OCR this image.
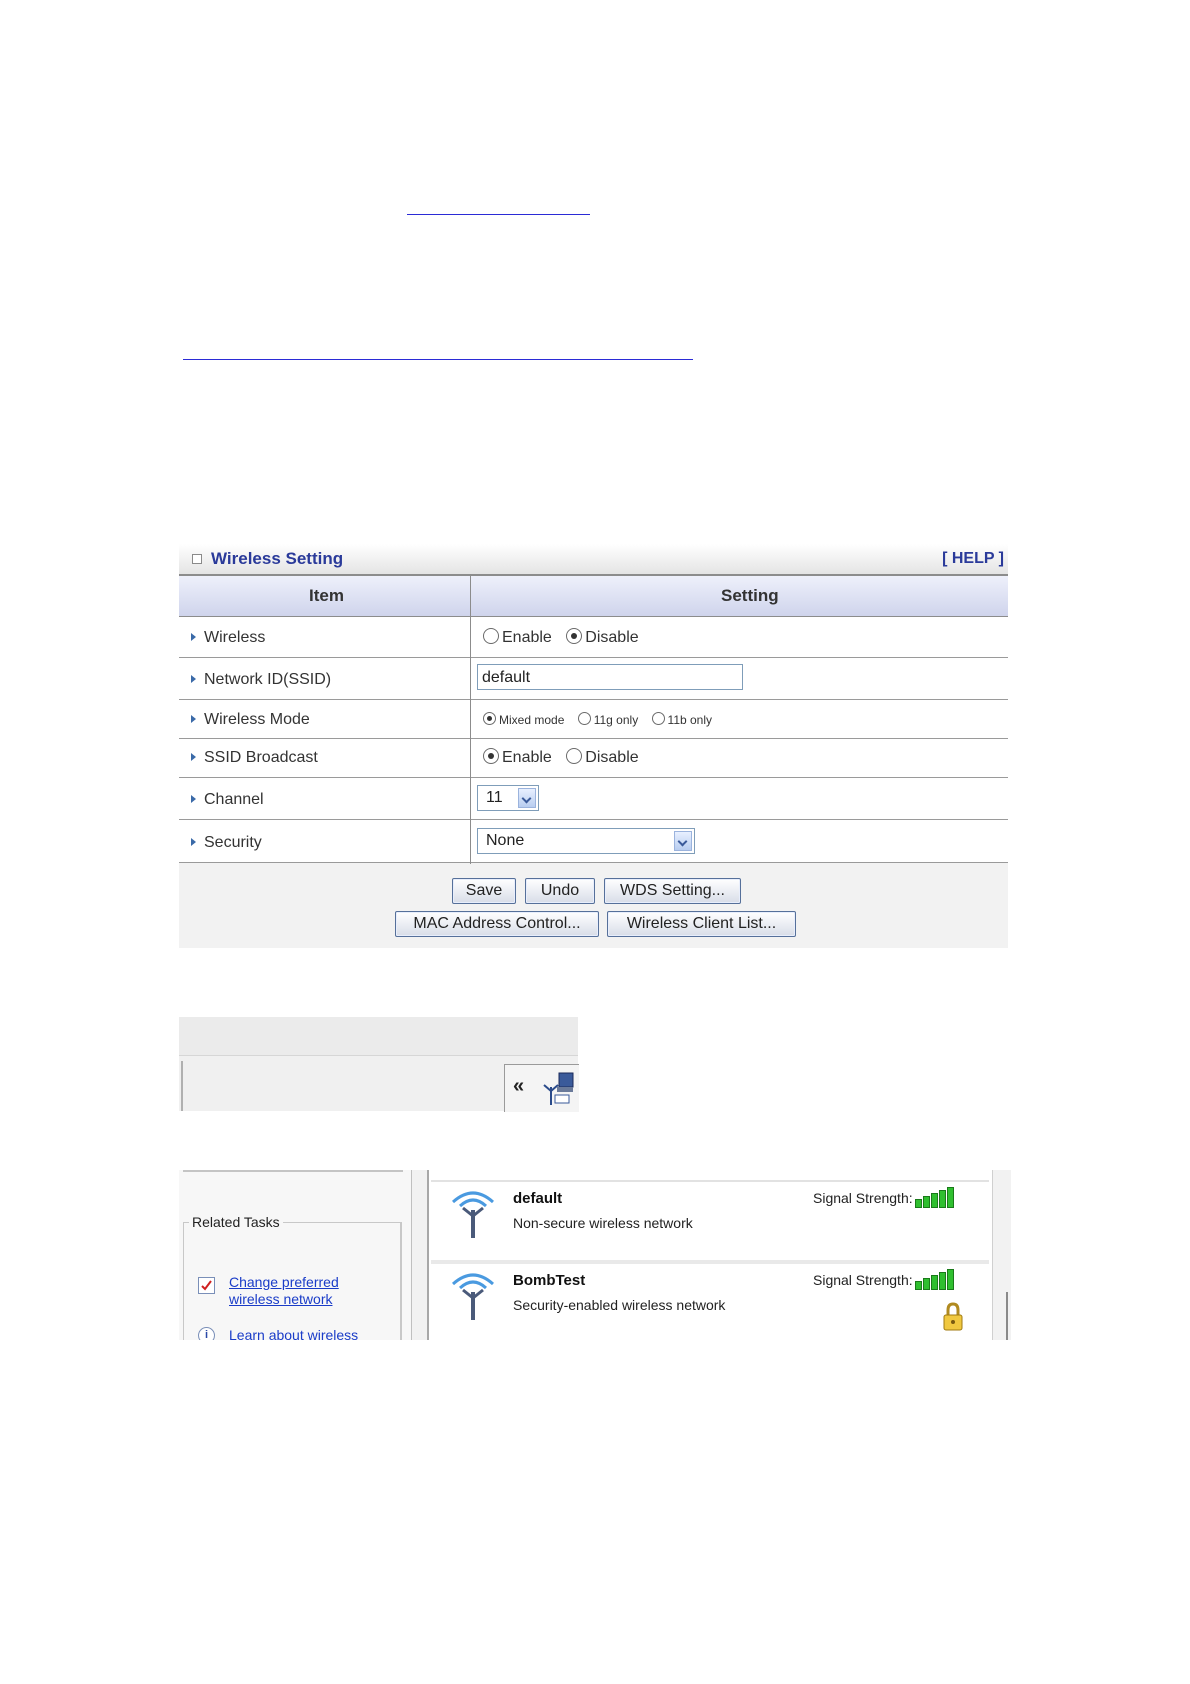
Wireless Setting	[ HELP ]
Item	Setting
Wireless	Enable Disable
Network ID(SSID)	default
Wireless Mode	Mixed mode 11g only 11b only
SSID Broadcast	Enable Disable
Channel	11
Security	None
Save	Undo	WDS Setting...
MAC Address Control...	Wireless Client List...
«
Related Tasks
Change preferred
wireless network
i	Learn about wireless
default
Non-secure wireless network
Signal Strength:
BombTest
Security-enabled wireless network
Signal Strength:
